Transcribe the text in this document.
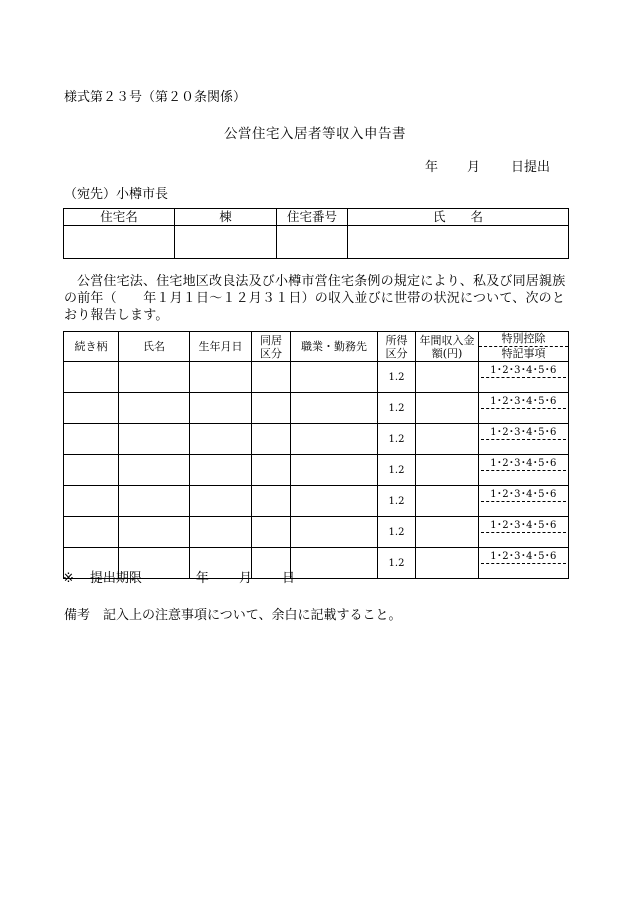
様式第２３号（第２０条関係）
公営住宅入居者等収入申告書
年 月 日提出
（宛先）小樽市長
住宅名	棟	住宅番号	氏　　名

公営住宅法、住宅地区改良法及び小樽市営住宅条例の規定により、私及び同居親族の前年（　　年１月１日〜１２月３１日）の収入並びに世帯の状況について、次のとおり報告します。
続き柄	氏名	生年月日	同居区分	職業・勤務先	所得区分	年間収入金額(円)	特別控除
特記事項

					1.2		1･2･3･4･5･6

					1.2		1･2･3･4･5･6

					1.2		1･2･3･4･5･6

					1.2		1･2･3･4･5･6

					1.2		1･2･3･4･5･6

					1.2		1･2･3･4･5･6

					1.2		1･2･3･4･5･6
※ 提出期限	年 月 日
備考　記入上の注意事項について、余白に記載すること。
